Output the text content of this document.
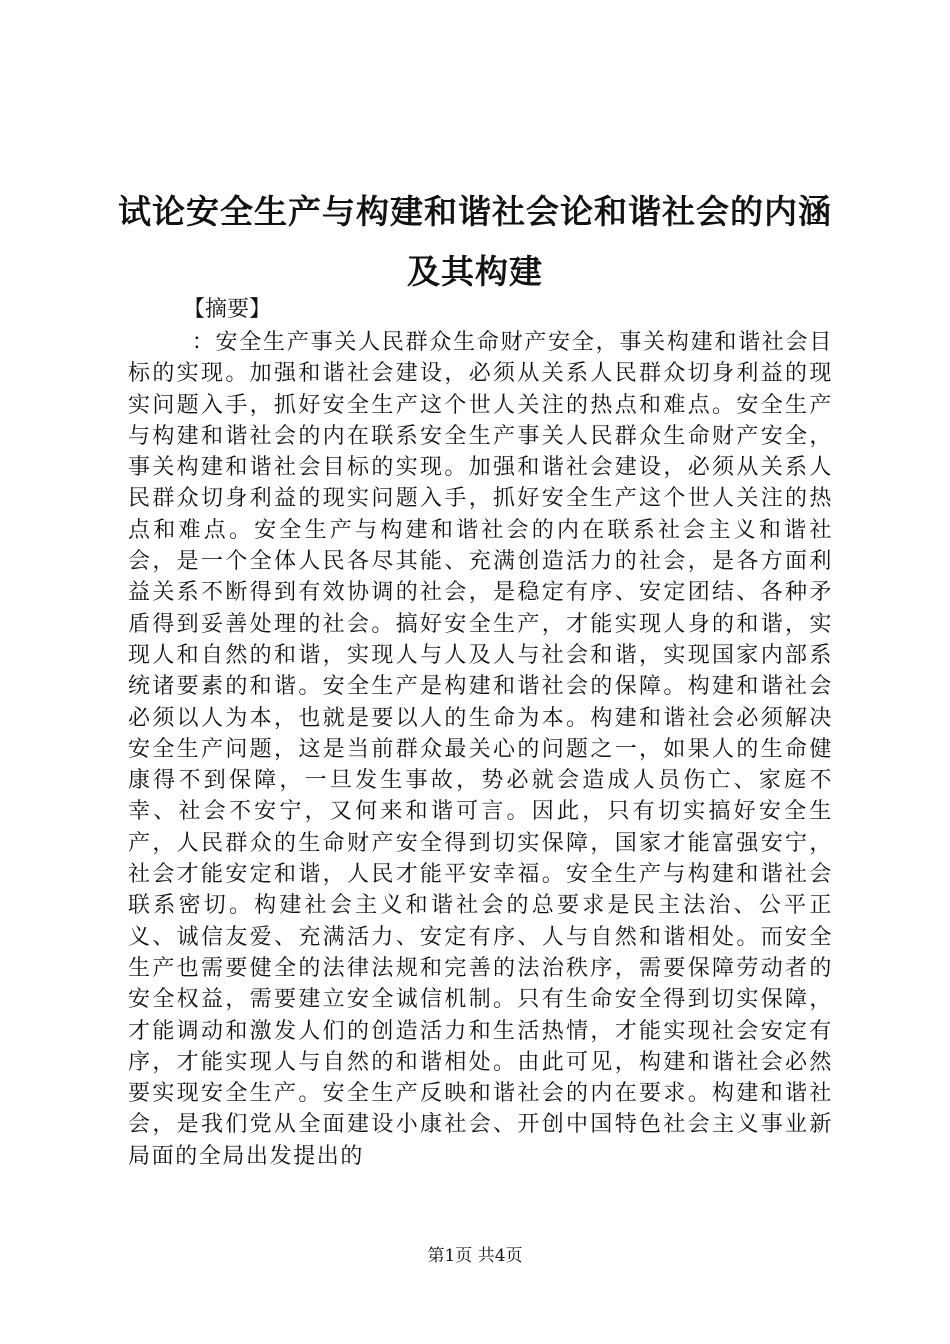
试论安全生产与构建和谐社会论和谐社会的内涵及其构建
【摘要】
：安全生产事关人民群众生命财产安全，事关构建和谐社会目标的实现。加强和谐社会建设，必须从关系人民群众切身利益的现实问题入手，抓好安全生产这个世人关注的热点和难点。安全生产与构建和谐社会的内在联系安全生产事关人民群众生命财产安全，事关构建和谐社会目标的实现。加强和谐社会建设，必须从关系人民群众切身利益的现实问题入手，抓好安全生产这个世人关注的热点和难点。安全生产与构建和谐社会的内在联系社会主义和谐社会，是一个全体人民各尽其能、充满创造活力的社会，是各方面利益关系不断得到有效协调的社会，是稳定有序、安定团结、各种矛盾得到妥善处理的社会。搞好安全生产，才能实现人身的和谐，实现人和自然的和谐，实现人与人及人与社会和谐，实现国家内部系统诸要素的和谐。安全生产是构建和谐社会的保障。构建和谐社会必须以人为本，也就是要以人的生命为本。构建和谐社会必须解决安全生产问题，这是当前群众最关心的问题之一，如果人的生命健康得不到保障，一旦发生事故，势必就会造成人员伤亡、家庭不幸、社会不安宁，又何来和谐可言。因此，只有切实搞好安全生产，人民群众的生命财产安全得到切实保障，国家才能富强安宁，社会才能安定和谐，人民才能平安幸福。安全生产与构建和谐社会联系密切。构建社会主义和谐社会的总要求是民主法治、公平正义、诚信友爱、充满活力、安定有序、人与自然和谐相处。而安全生产也需要健全的法律法规和完善的法治秩序，需要保障劳动者的安全权益，需要建立安全诚信机制。只有生命安全得到切实保障，才能调动和激发人们的创造活力和生活热情，才能实现社会安定有序，才能实现人与自然的和谐相处。由此可见，构建和谐社会必然要实现安全生产。安全生产反映和谐社会的内在要求。构建和谐社会，是我们党从全面建设小康社会、开创中国特色社会主义事业新局面的全局出发提出的
第1页 共4页
